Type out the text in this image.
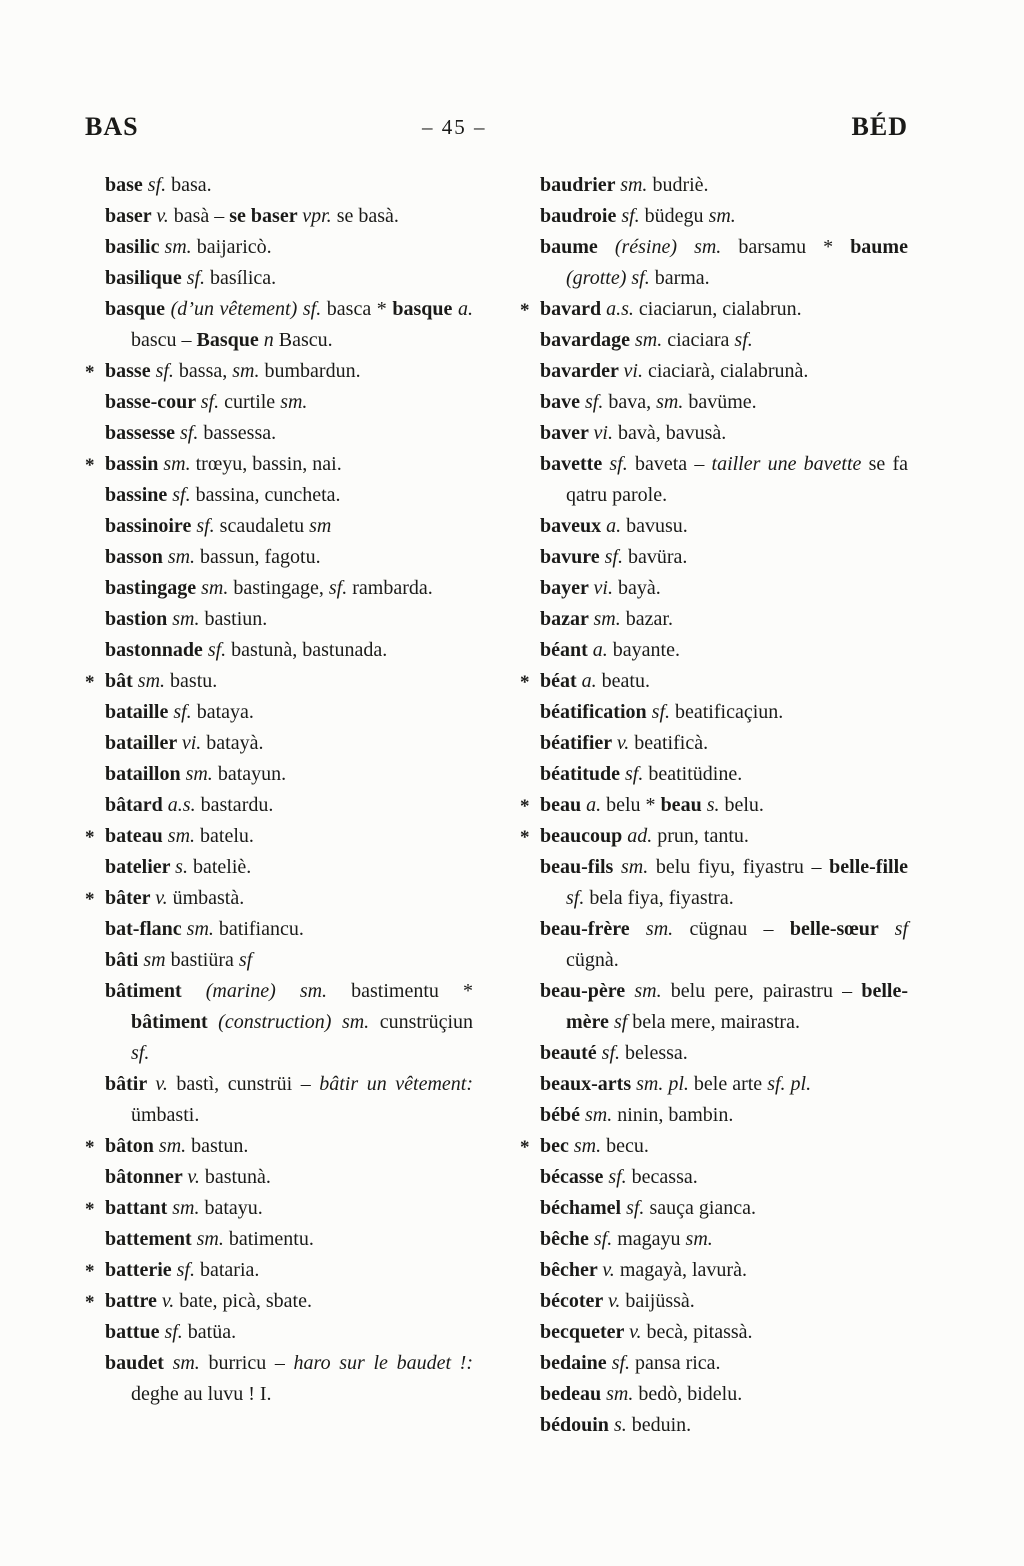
BAS	– 45 –	BÉD
base sf. basa.
baser v. basà – se baser vpr. se basà.
basilic sm. baijaricò.
basilique sf. basílica.
basque (d’un vêtement) sf. basca * basque a. bascu – Basque n Bascu.
* basse sf. bassa, sm. bumbardun.
basse-cour sf. curtile sm.
bassesse sf. bassessa.
* bassin sm. trœyu, bassin, nai.
bassine sf. bassina, cuncheta.
bassinoire sf. scaudaletu sm
basson sm. bassun, fagotu.
bastingage sm. bastingage, sf. rambarda.
bastion sm. bastiun.
bastonnade sf. bastunà, bastunada.
* bât sm. bastu.
bataille sf. bataya.
batailler vi. batayà.
bataillon sm. batayun.
bâtard a.s. bastardu.
* bateau sm. batelu.
batelier s. bateliè.
* bâter v. ümbastà.
bat-flanc sm. batifiancu.
bâti sm bastiüra sf
bâtiment (marine) sm. bastimentu * bâtiment (construction) sm. cunstrüçiun sf.
bâtir v. bastì, cunstrüi – bâtir un vêtement: ümbasti.
* bâton sm. bastun.
bâtonner v. bastunà.
* battant sm. batayu.
battement sm. batimentu.
* batterie sf. bataria.
* battre v. bate, picà, sbate.
battue sf. batüa.
baudet sm. burricu – haro sur le baudet !: deghe au luvu ! I.
baudrier sm. budriè.
baudroie sf. büdegu sm.
baume (résine) sm. barsamu * baume (grotte) sf. barma.
* bavard a.s. ciaciarun, cialabrun.
bavardage sm. ciaciara sf.
bavarder vi. ciaciarà, cialabrunà.
bave sf. bava, sm. bavüme.
baver vi. bavà, bavusà.
bavette sf. baveta – tailler une bavette se fa qatru parole.
baveux a. bavusu.
bavure sf. bavüra.
bayer vi. bayà.
bazar sm. bazar.
béant a. bayante.
* béat a. beatu.
béatification sf. beatificaçiun.
béatifier v. beatificà.
béatitude sf. beatitüdine.
* beau a. belu * beau s. belu.
* beaucoup ad. prun, tantu.
beau-fils sm. belu fiyu, fiyastru – belle-fille sf. bela fiya, fiyastra.
beau-frère sm. cügnau – belle-sœur sf cügnà.
beau-père sm. belu pere, pairastru – belle-mère sf bela mere, mairastra.
beauté sf. belessa.
beaux-arts sm. pl. bele arte sf. pl.
bébé sm. ninin, bambin.
* bec sm. becu.
bécasse sf. becassa.
béchamel sf. sauça gianca.
bêche sf. magayu sm.
bêcher v. magayà, lavurà.
bécoter v. baijüssà.
becqueter v. becà, pitassà.
bedaine sf. pansa rica.
bedeau sm. bedò, bidelu.
bédouin s. beduin.
